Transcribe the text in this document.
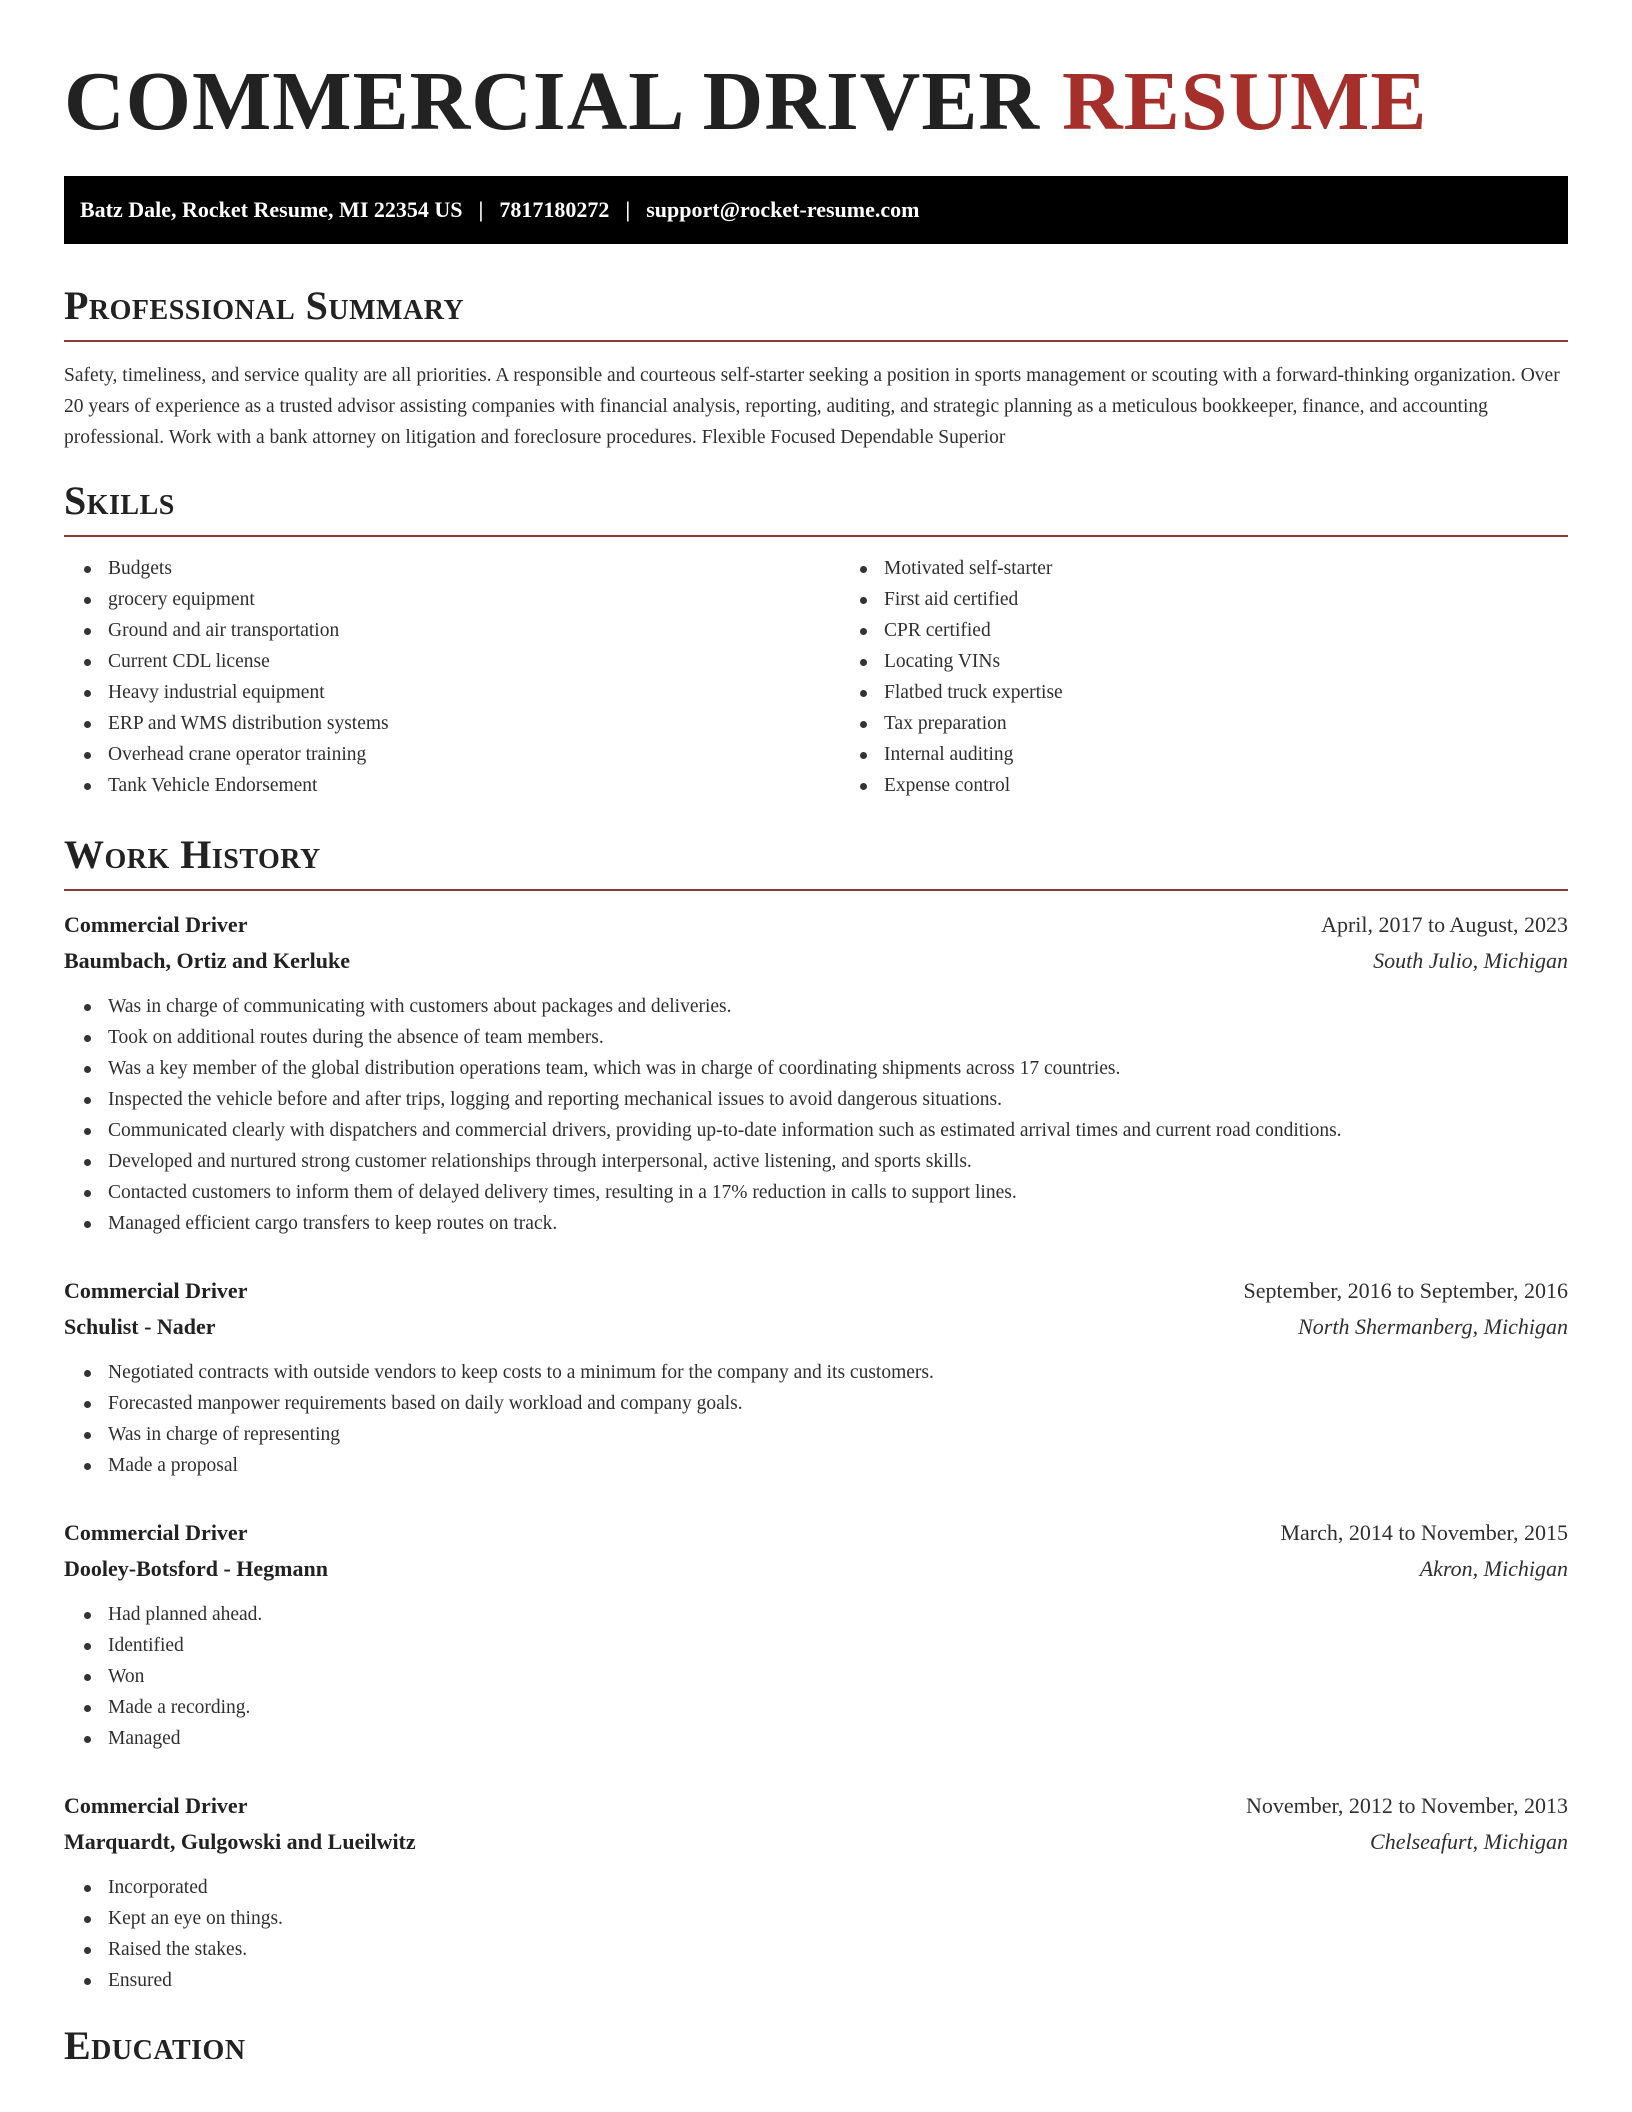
COMMERCIAL DRIVER RESUME
Batz Dale, Rocket Resume, MI 22354 US | 7817180272 | support@rocket-resume.com
Professional Summary

Safety, timeliness, and service quality are all priorities. A responsible and courteous self-starter seeking a position in sports management or scouting with a forward-thinking organization. Over 20 years of experience as a trusted advisor assisting companies with financial analysis, reporting, auditing, and strategic planning as a meticulous bookkeeper, finance, and accounting professional. Work with a bank attorney on litigation and foreclosure procedures. Flexible Focused Dependable Superior

Skills
Budgets
grocery equipment
Ground and air transportation
Current CDL license
Heavy industrial equipment
ERP and WMS distribution systems
Overhead crane operator training
Tank Vehicle Endorsement
Motivated self-starter
First aid certified
CPR certified
Locating VINs
Flatbed truck expertise
Tax preparation
Internal auditing
Expense control
Work History
Commercial Driver	April, 2017 to August, 2023
Baumbach, Ortiz and Kerluke	South Julio, Michigan
Was in charge of communicating with customers about packages and deliveries.
Took on additional routes during the absence of team members.
Was a key member of the global distribution operations team, which was in charge of coordinating shipments across 17 countries.
Inspected the vehicle before and after trips, logging and reporting mechanical issues to avoid dangerous situations.
Communicated clearly with dispatchers and commercial drivers, providing up-to-date information such as estimated arrival times and current road conditions.
Developed and nurtured strong customer relationships through interpersonal, active listening, and sports skills.
Contacted customers to inform them of delayed delivery times, resulting in a 17% reduction in calls to support lines.
Managed efficient cargo transfers to keep routes on track.
Commercial Driver	September, 2016 to September, 2016
Schulist - Nader	North Shermanberg, Michigan
Negotiated contracts with outside vendors to keep costs to a minimum for the company and its customers.
Forecasted manpower requirements based on daily workload and company goals.
Was in charge of representing
Made a proposal
Commercial Driver	March, 2014 to November, 2015
Dooley-Botsford - Hegmann	Akron, Michigan
Had planned ahead.
Identified
Won
Made a recording.
Managed
Commercial Driver	November, 2012 to November, 2013
Marquardt, Gulgowski and Lueilwitz	Chelseafurt, Michigan
Incorporated
Kept an eye on things.
Raised the stakes.
Ensured
Education
